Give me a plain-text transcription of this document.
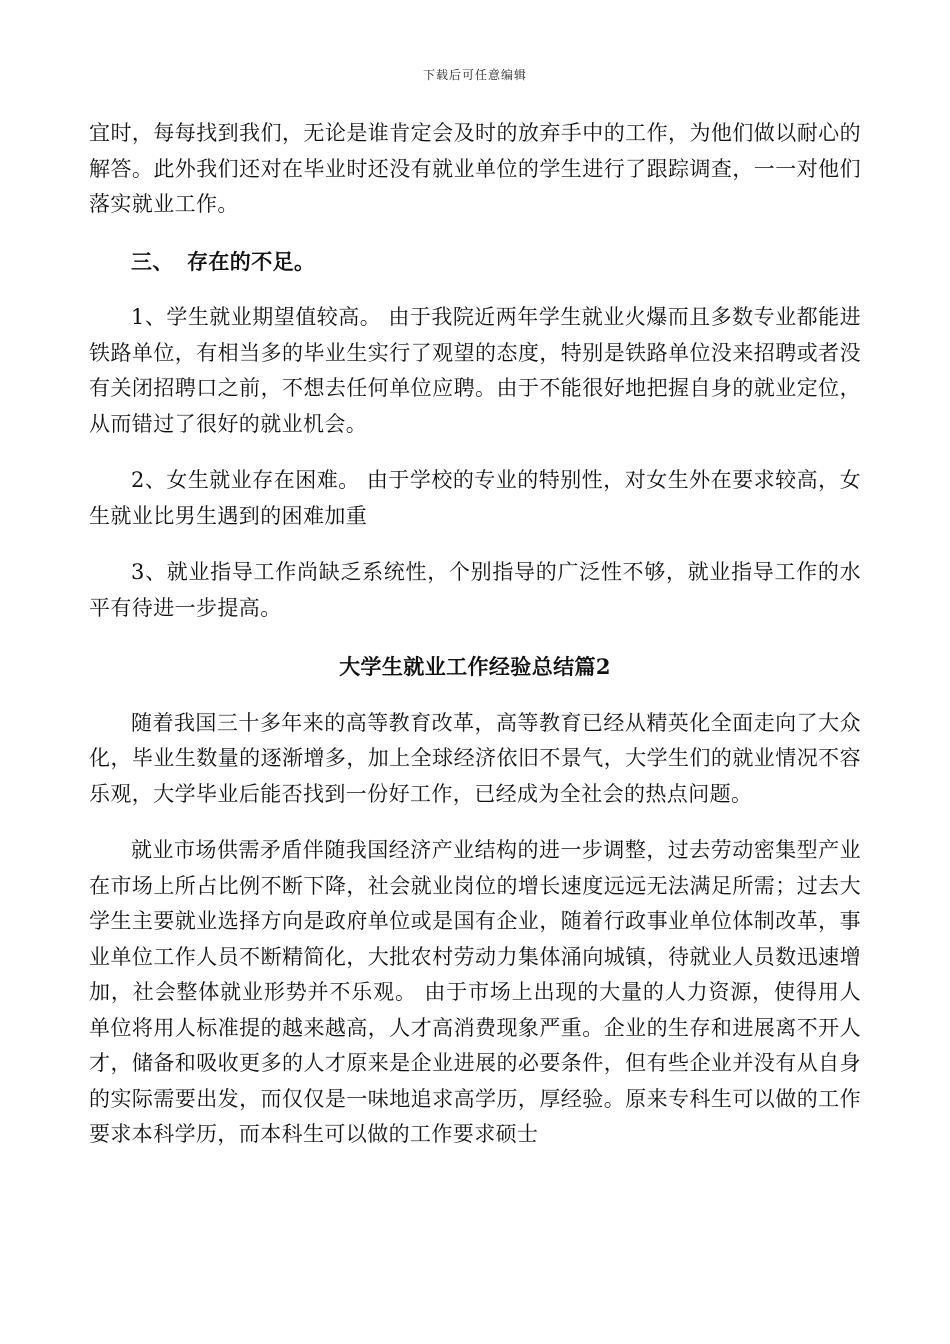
下载后可任意编辑

宜时，每每找到我们，无论是谁肯定会及时的放弃手中的工作，为他们做以耐心的解答。此外我们还对在毕业时还没有就业单位的学生进行了跟踪调查，一一对他们落实就业工作。

三、 存在的不足。

1、学生就业期望值较高。 由于我院近两年学生就业火爆而且多数专业都能进铁路单位，有相当多的毕业生实行了观望的态度，特别是铁路单位没来招聘或者没有关闭招聘口之前，不想去任何单位应聘。由于不能很好地把握自身的就业定位，从而错过了很好的就业机会。

2、女生就业存在困难。 由于学校的专业的特别性，对女生外在要求较高，女生就业比男生遇到的困难加重

3、就业指导工作尚缺乏系统性，个别指导的广泛性不够，就业指导工作的水平有待进一步提高。

大学生就业工作经验总结篇2

随着我国三十多年来的高等教育改革，高等教育已经从精英化全面走向了大众化，毕业生数量的逐渐增多，加上全球经济依旧不景气，大学生们的就业情况不容乐观，大学毕业后能否找到一份好工作，已经成为全社会的热点问题。

就业市场供需矛盾伴随我国经济产业结构的进一步调整，过去劳动密集型产业在市场上所占比例不断下降，社会就业岗位的增长速度远远无法满足所需；过去大学生主要就业选择方向是政府单位或是国有企业，随着行政事业单位体制改革，事业单位工作人员不断精简化，大批农村劳动力集体涌向城镇，待就业人员数迅速增加，社会整体就业形势并不乐观。 由于市场上出现的大量的人力资源，使得用人单位将用人标准提的越来越高，人才高消费现象严重。企业的生存和进展离不开人才，储备和吸收更多的人才原来是企业进展的必要条件，但有些企业并没有从自身的实际需要出发，而仅仅是一味地追求高学历，厚经验。原来专科生可以做的工作要求本科学历，而本科生可以做的工作要求硕士
